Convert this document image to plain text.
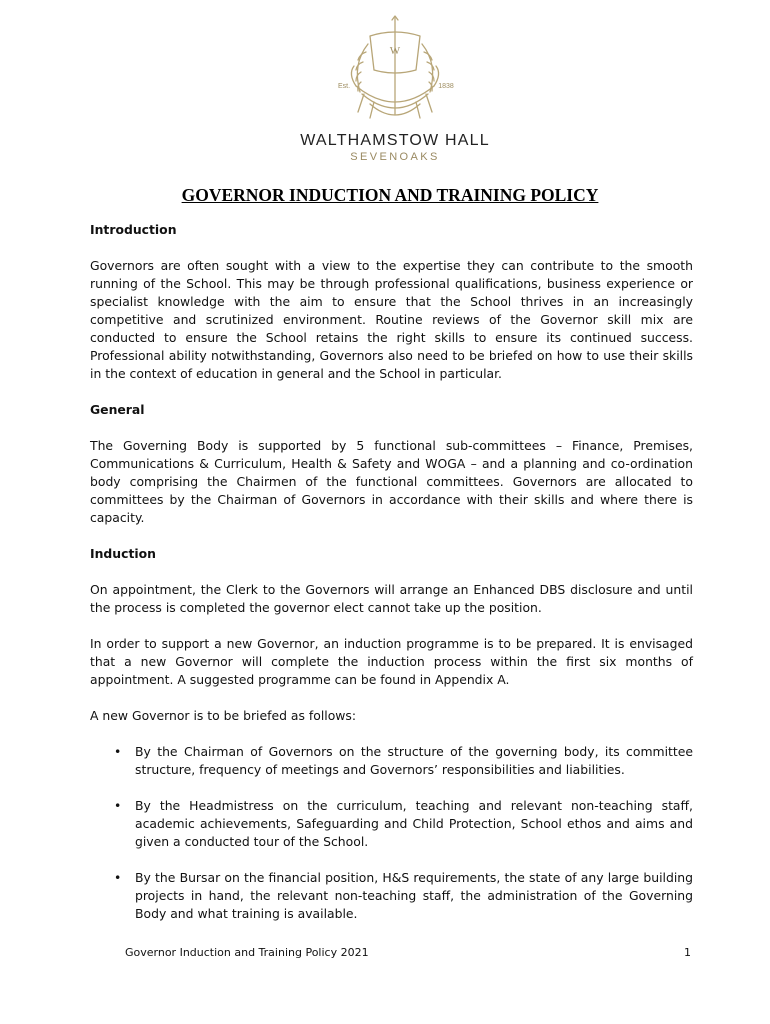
W
Est.	1838
WALTHAMSTOW HALL
SEVENOAKS
GOVERNOR INDUCTION AND TRAINING POLICY
Introduction

Governors are often sought with a view to the expertise they can contribute to the smooth running of the School. This may be through professional qualifications, business experience or specialist knowledge with the aim to ensure that the School thrives in an increasingly competitive and scrutinized environment. Routine reviews of the Governor skill mix are conducted to ensure the School retains the right skills to ensure its continued success. Professional ability notwithstanding, Governors also need to be briefed on how to use their skills in the context of education in general and the School in particular.

General

The Governing Body is supported by 5 functional sub-committees – Finance, Premises, Communications & Curriculum, Health & Safety and WOGA – and a planning and co-ordination body comprising the Chairmen of the functional committees. Governors are allocated to committees by the Chairman of Governors in accordance with their skills and where there is capacity.

Induction

On appointment, the Clerk to the Governors will arrange an Enhanced DBS disclosure and until the process is completed the governor elect cannot take up the position.

In order to support a new Governor, an induction programme is to be prepared. It is envisaged that a new Governor will complete the induction process within the first six months of appointment. A suggested programme can be found in Appendix A.

A new Governor is to be briefed as follows:

• By the Chairman of Governors on the structure of the governing body, its committee structure, frequency of meetings and Governors’ responsibilities and liabilities.
• By the Headmistress on the curriculum, teaching and relevant non-teaching staff, academic achievements, Safeguarding and Child Protection, School ethos and aims and given a conducted tour of the School.
• By the Bursar on the financial position, H&S requirements, the state of any large building projects in hand, the relevant non-teaching staff, the administration of the Governing Body and what training is available.
Governor Induction and Training Policy 2021	1
